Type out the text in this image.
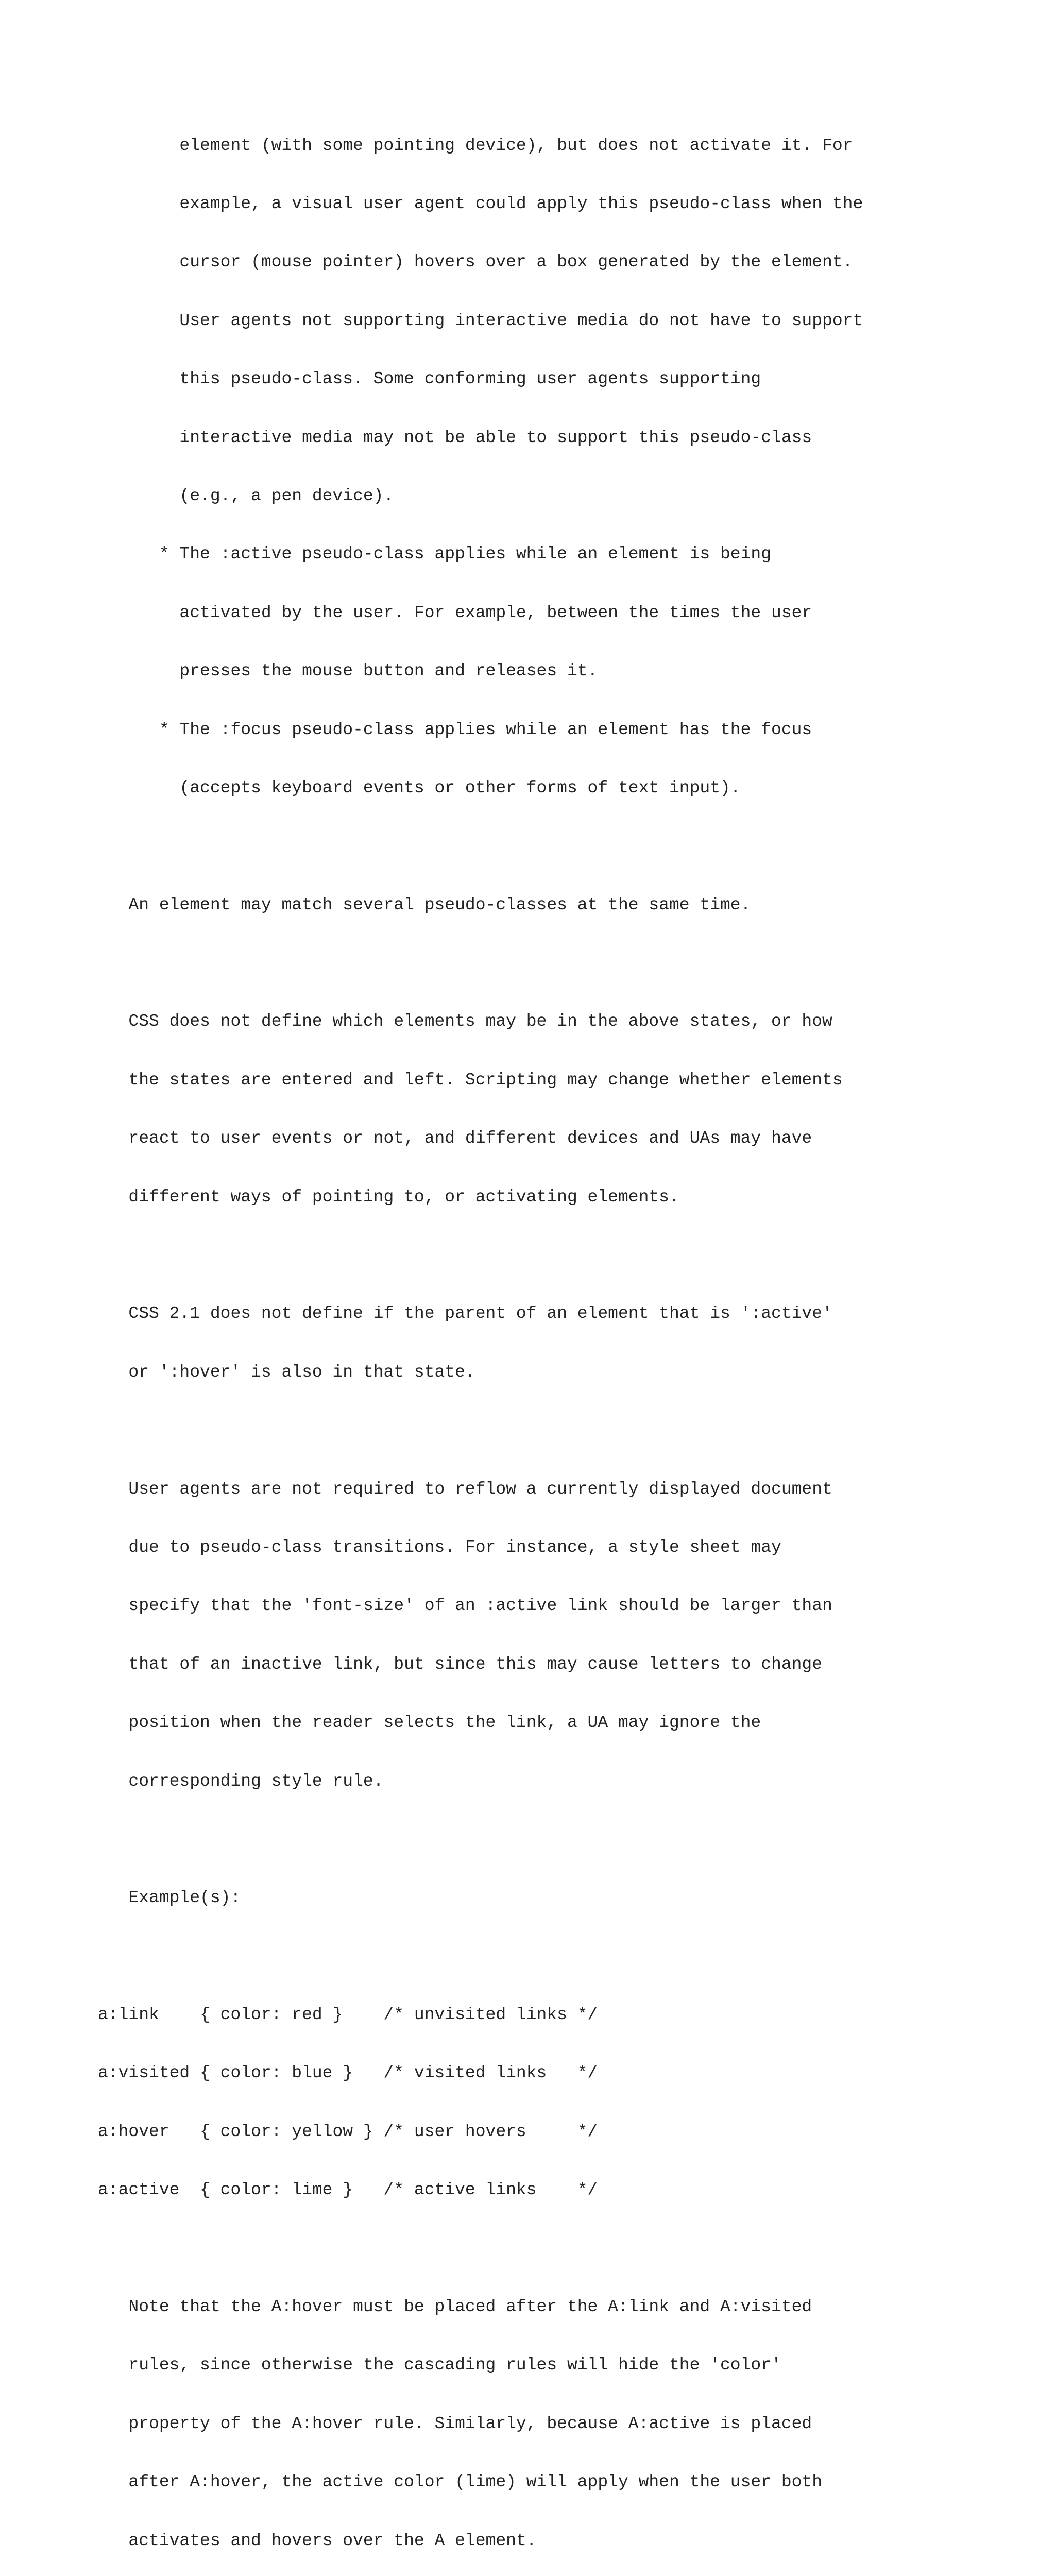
element (with some pointing device), but does not activate it. For

example, a visual user agent could apply this pseudo-class when the

cursor (mouse pointer) hovers over a box generated by the element.

User agents not supporting interactive media do not have to support

this pseudo-class. Some conforming user agents supporting

interactive media may not be able to support this pseudo-class

(e.g., a pen device).

* The :active pseudo-class applies while an element is being

activated by the user. For example, between the times the user

presses the mouse button and releases it.

* The :focus pseudo-class applies while an element has the focus

(accepts keyboard events or other forms of text input).

An element may match several pseudo-classes at the same time.

CSS does not define which elements may be in the above states, or how

the states are entered and left. Scripting may change whether elements

react to user events or not, and different devices and UAs may have

different ways of pointing to, or activating elements.

CSS 2.1 does not define if the parent of an element that is ':active'

or ':hover' is also in that state.

User agents are not required to reflow a currently displayed document

due to pseudo-class transitions. For instance, a style sheet may

specify that the 'font-size' of an :active link should be larger than

that of an inactive link, but since this may cause letters to change

position when the reader selects the link, a UA may ignore the

corresponding style rule.

Example(s):

a:link    { color: red }    /* unvisited links */

a:visited { color: blue }   /* visited links   */

a:hover   { color: yellow } /* user hovers     */

a:active  { color: lime }   /* active links    */

Note that the A:hover must be placed after the A:link and A:visited

rules, since otherwise the cascading rules will hide the 'color'

property of the A:hover rule. Similarly, because A:active is placed

after A:hover, the active color (lime) will apply when the user both

activates and hovers over the A element.
